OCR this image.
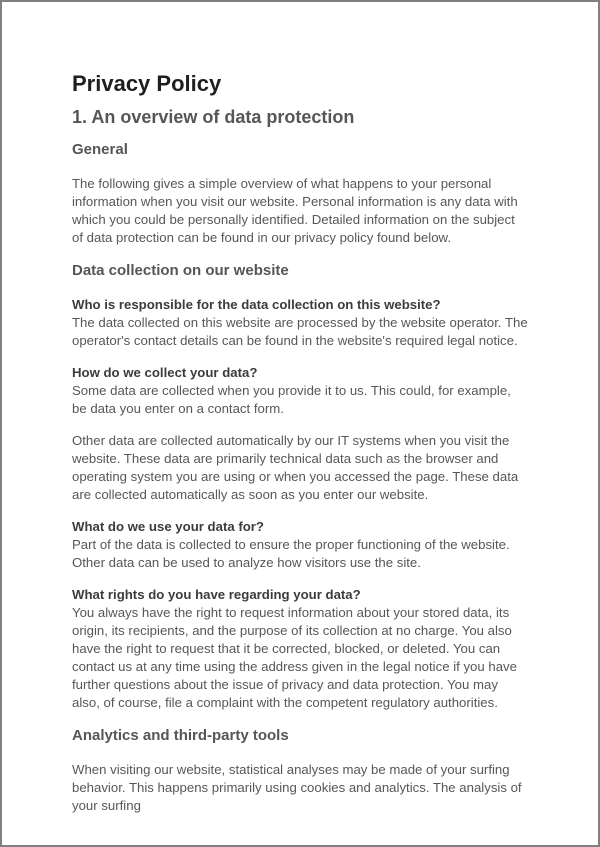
Privacy Policy
1. An overview of data protection
General

The following gives a simple overview of what happens to your personal information when you visit our website. Personal information is any data with which you could be personally identified. Detailed information on the subject of data protection can be found in our privacy policy found below.

Data collection on our website

Who is responsible for the data collection on this website?
The data collected on this website are processed by the website operator. The operator's contact details can be found in the website's required legal notice.

How do we collect your data?
Some data are collected when you provide it to us. This could, for example, be data you enter on a contact form.

Other data are collected automatically by our IT systems when you visit the website. These data are primarily technical data such as the browser and operating system you are using or when you accessed the page. These data are collected automatically as soon as you enter our website.

What do we use your data for?
Part of the data is collected to ensure the proper functioning of the website. Other data can be used to analyze how visitors use the site.

What rights do you have regarding your data?
You always have the right to request information about your stored data, its origin, its recipients, and the purpose of its collection at no charge. You also have the right to request that it be corrected, blocked, or deleted. You can contact us at any time using the address given in the legal notice if you have further questions about the issue of privacy and data protection. You may also, of course, file a complaint with the competent regulatory authorities.

Analytics and third-party tools

When visiting our website, statistical analyses may be made of your surfing behavior. This happens primarily using cookies and analytics. The analysis of your surfing
